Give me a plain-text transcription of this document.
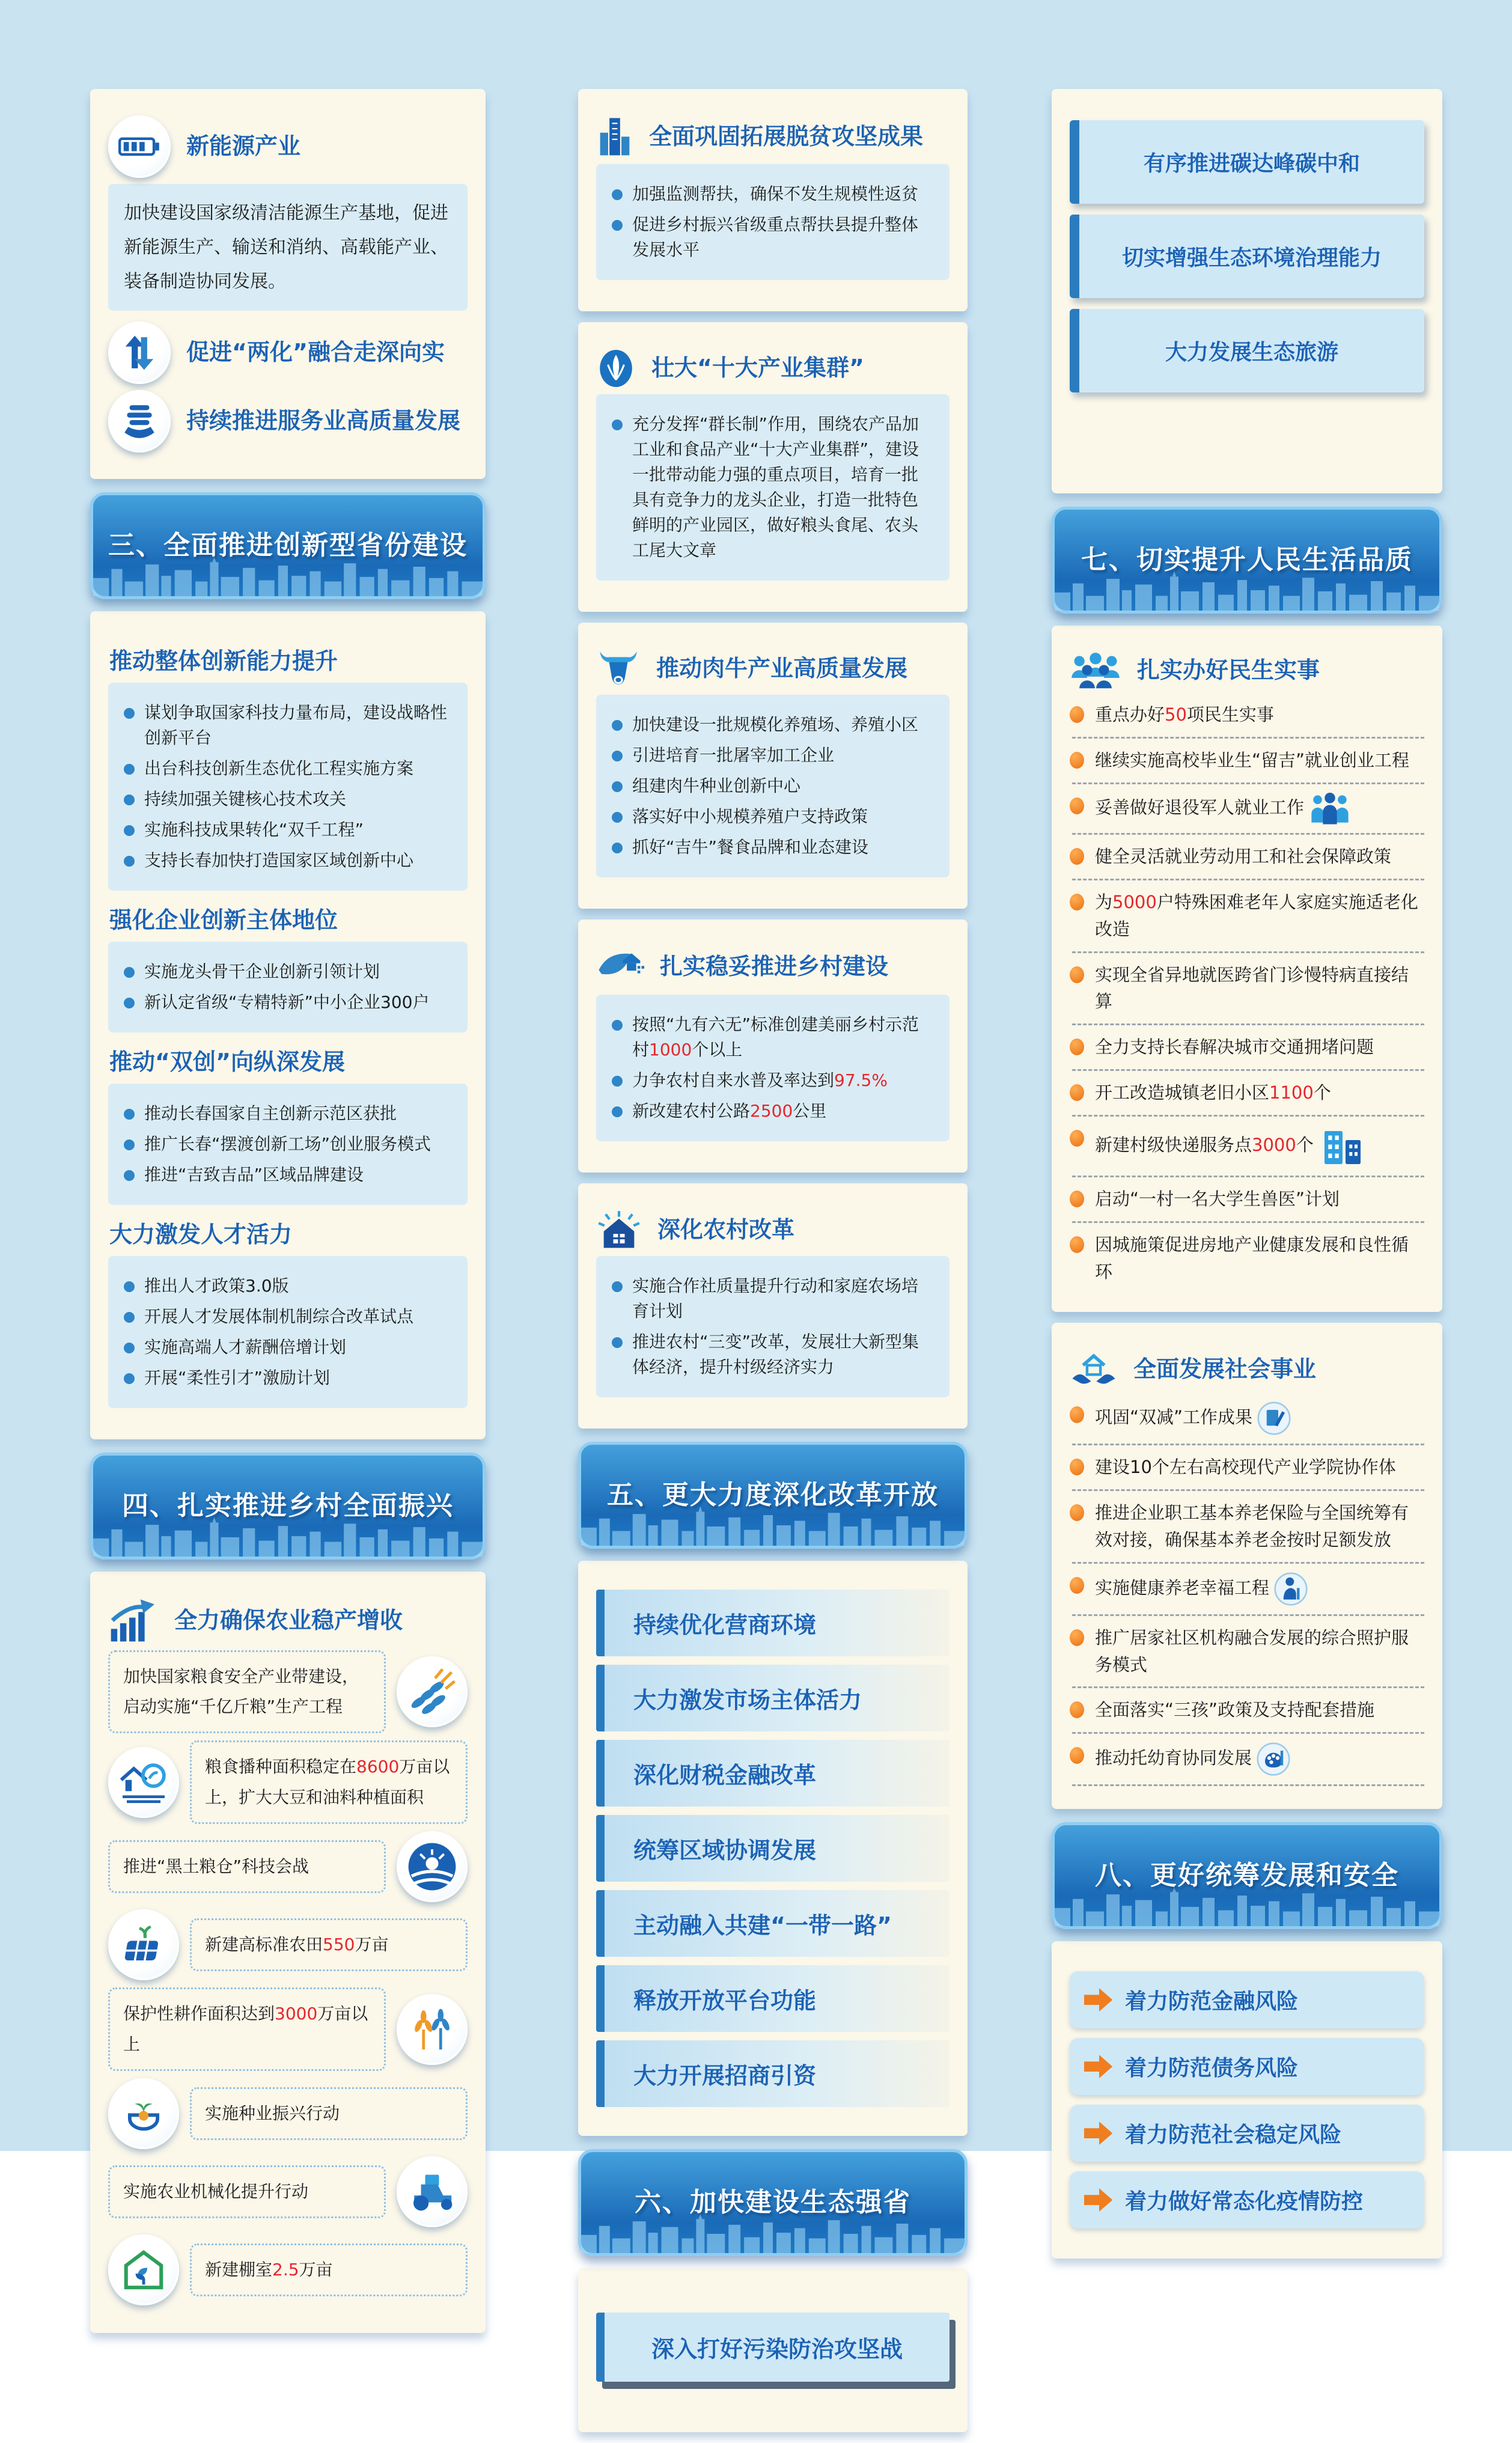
新能源产业

加快建设国家级清洁能源生产基地，促进新能源生产、输送和消纳、高载能产业、装备制造协同发展。

促进“两化”融合走深向实
持续推进服务业高质量发展
三、全面推进创新型省份建设
推动整体创新能力提升
谋划争取国家科技力量布局，建设战略性创新平台
出台科技创新生态优化工程实施方案
持续加强关键核心技术攻关
实施科技成果转化“双千工程”
支持长春加快打造国家区域创新中心
强化企业创新主体地位
实施龙头骨干企业创新引领计划
新认定省级“专精特新”中小企业300户
推动“双创”向纵深发展
推动长春国家自主创新示范区获批
推广长春“摆渡创新工场”创业服务模式
推进“吉致吉品”区域品牌建设
大力激发人才活力
推出人才政策3.0版
开展人才发展体制机制综合改革试点
实施高端人才薪酬倍增计划
开展“柔性引才”激励计划
四、扎实推进乡村全面振兴
全力确保农业稳产增收
加快国家粮食安全产业带建设，启动实施“千亿斤粮”生产工程
粮食播种面积稳定在8600万亩以上，扩大大豆和油料种植面积
推进“黑土粮仓”科技会战
新建高标准农田550万亩
保护性耕作面积达到3000万亩以上
实施种业振兴行动
实施农业机械化提升行动
新建棚室2.5万亩
全面巩固拓展脱贫攻坚成果
加强监测帮扶，确保不发生规模性返贫
促进乡村振兴省级重点帮扶县提升整体发展水平
壮大“十大产业集群”
充分发挥“群长制”作用，围绕农产品加工业和食品产业“十大产业集群”，建设一批带动能力强的重点项目，培育一批具有竞争力的龙头企业，打造一批特色鲜明的产业园区，做好粮头食尾、农头工尾大文章
推动肉牛产业高质量发展
加快建设一批规模化养殖场、养殖小区
引进培育一批屠宰加工企业
组建肉牛种业创新中心
落实好中小规模养殖户支持政策
抓好“吉牛”餐食品牌和业态建设
扎实稳妥推进乡村建设
按照“九有六无”标准创建美丽乡村示范村1000个以上
力争农村自来水普及率达到97.5%
新改建农村公路2500公里
深化农村改革
实施合作社质量提升行动和家庭农场培育计划
推进农村“三变”改革，发展壮大新型集体经济，提升村级经济实力
五、更大力度深化改革开放
持续优化营商环境
大力激发市场主体活力
深化财税金融改革
统筹区域协调发展
主动融入共建“一带一路”
释放开放平台功能
大力开展招商引资
六、加快建设生态强省
深入打好污染防治攻坚战
有序推进碳达峰碳中和
切实增强生态环境治理能力
大力发展生态旅游
七、切实提升人民生活品质
扎实办好民生实事
重点办好50项民生实事
继续实施高校毕业生“留吉”就业创业工程
妥善做好退役军人就业工作
健全灵活就业劳动用工和社会保障政策
为5000户特殊困难老年人家庭实施适老化改造
实现全省异地就医跨省门诊慢特病直接结算
全力支持长春解决城市交通拥堵问题
开工改造城镇老旧小区1100个
新建村级快递服务点3000个
启动“一村一名大学生兽医”计划
因城施策促进房地产业健康发展和良性循环
全面发展社会事业
巩固“双减”工作成果
建设10个左右高校现代产业学院协作体
推进企业职工基本养老保险与全国统筹有效对接，确保基本养老金按时足额发放
实施健康养老幸福工程
推广居家社区机构融合发展的综合照护服务模式
全面落实“三孩”政策及支持配套措施
推动托幼育协同发展
八、更好统筹发展和安全
着力防范金融风险
着力防范债务风险
着力防范社会稳定风险
着力做好常态化疫情防控
